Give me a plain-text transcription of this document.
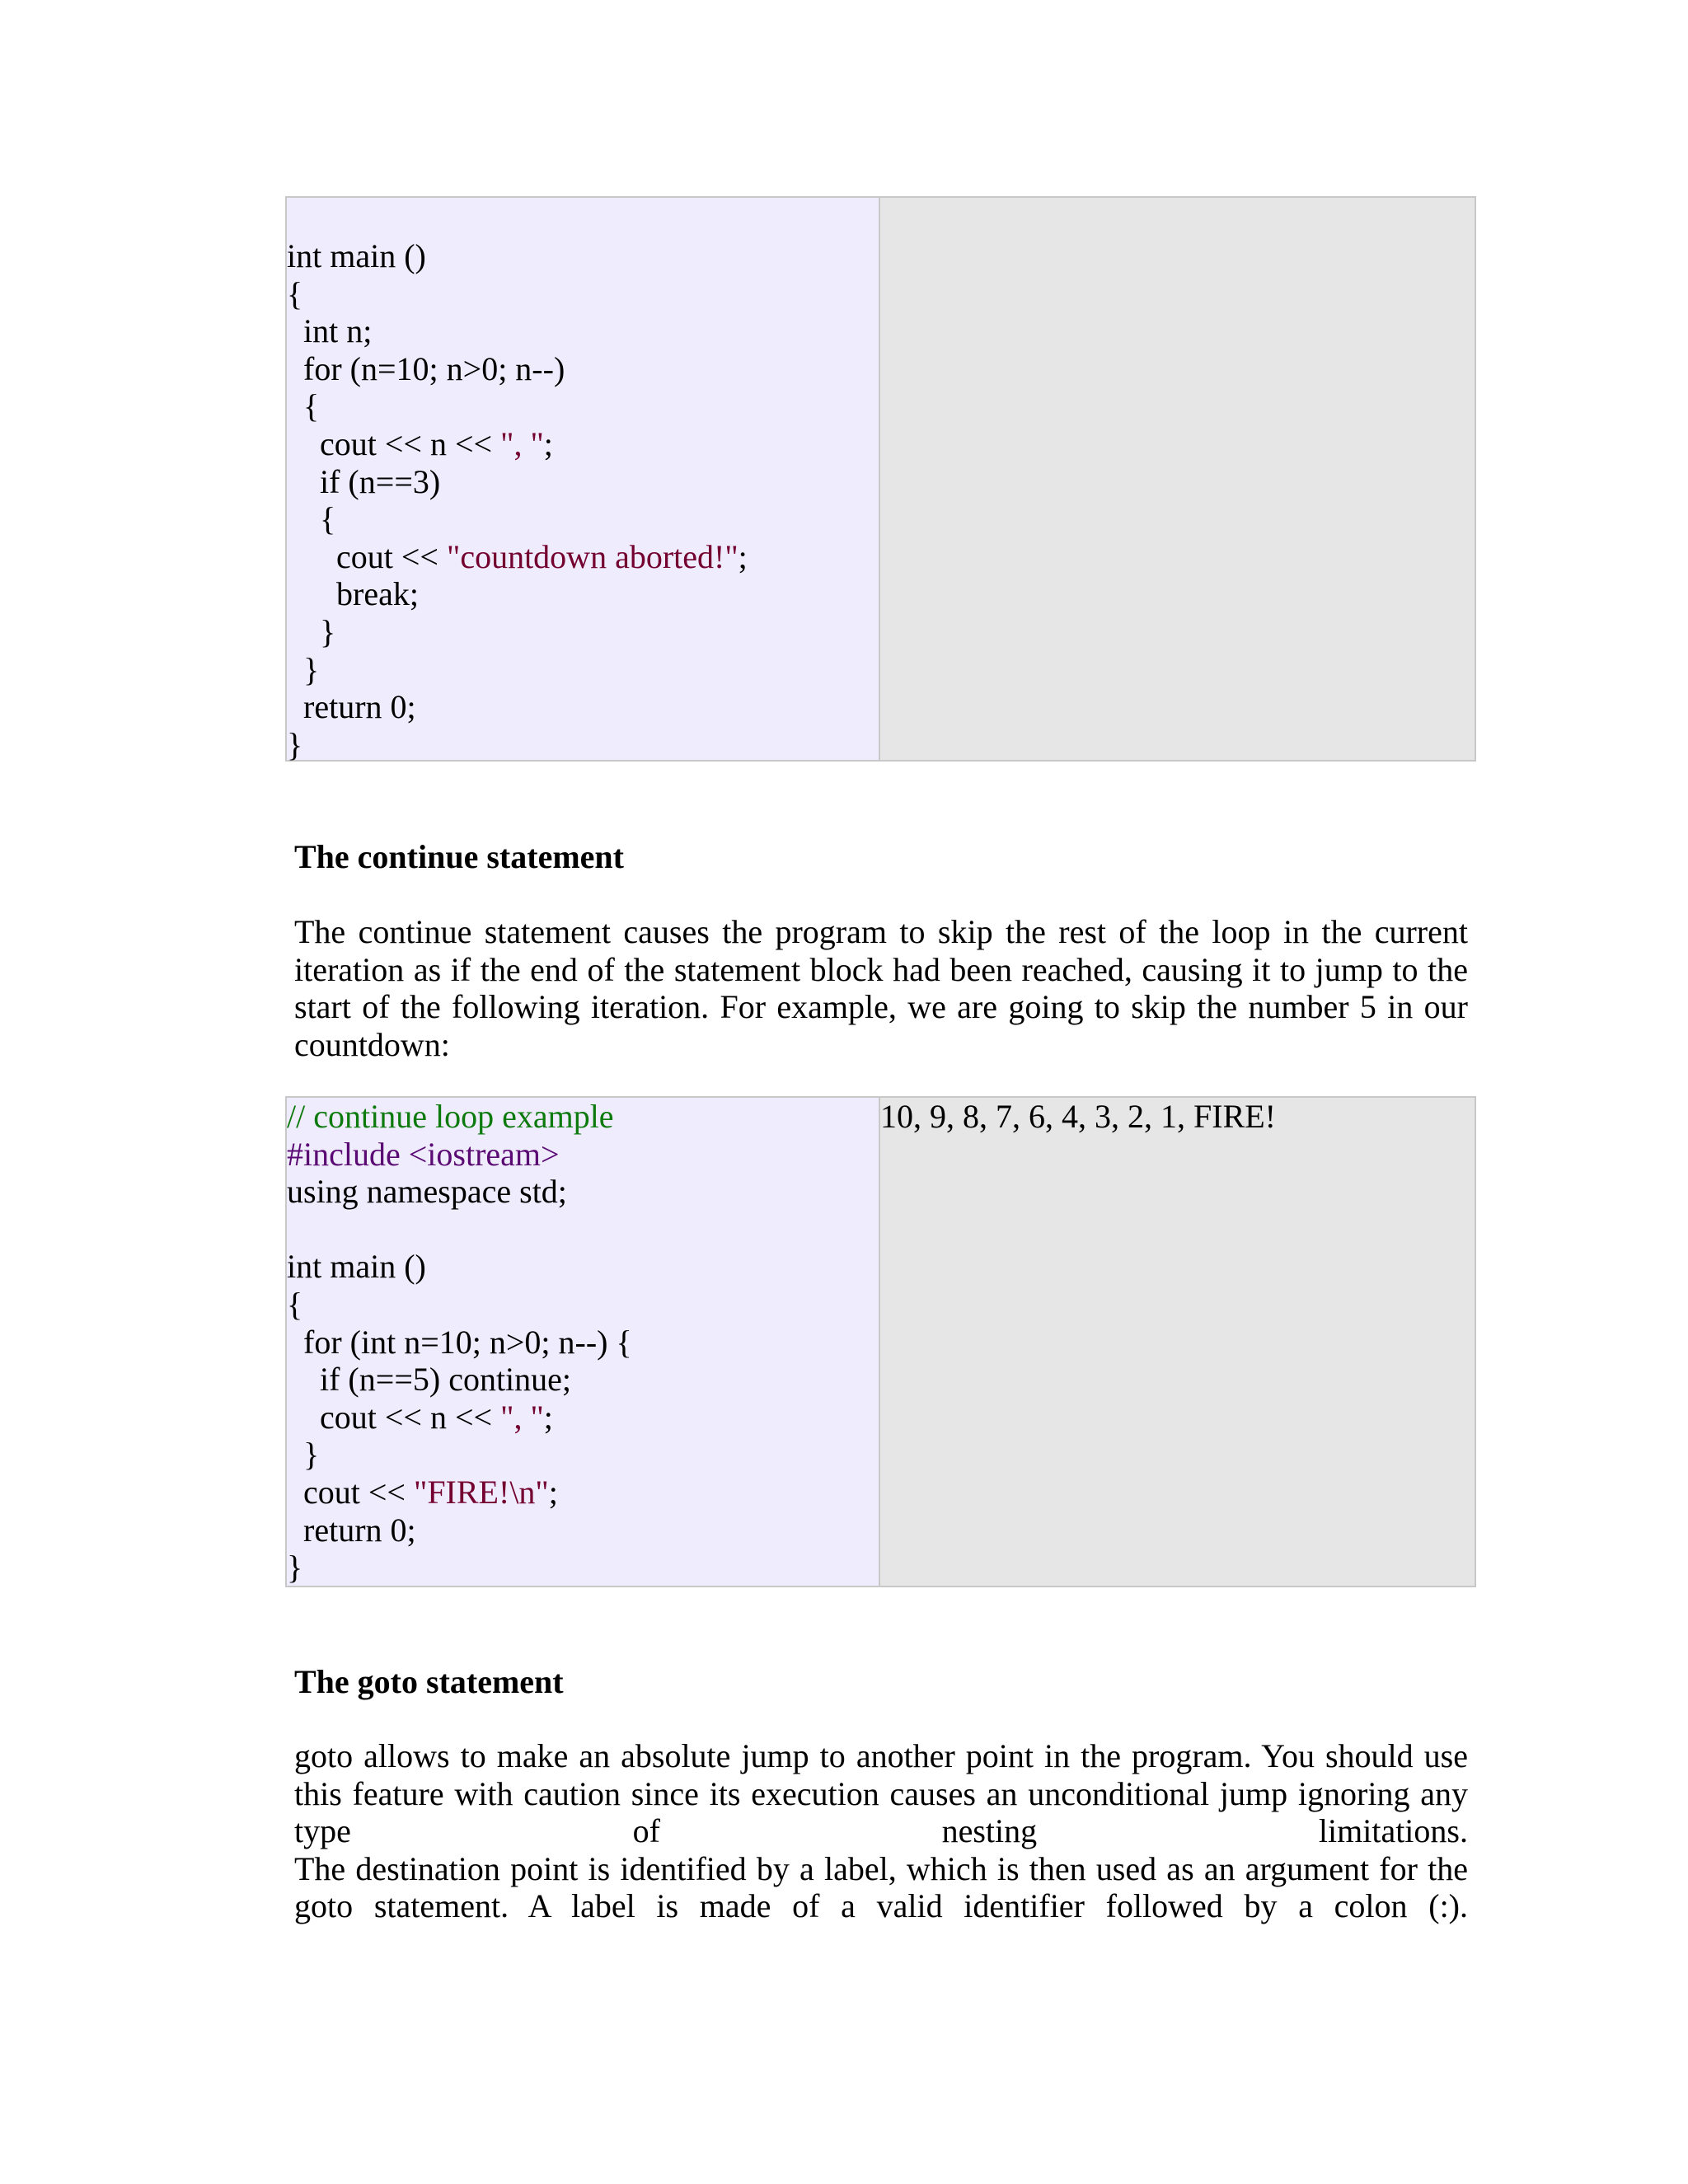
int main ()
{
int n;
for (n=10; n>0; n--)
{
cout << n << ", ";
if (n==3)
{
cout << "countdown aborted!";
break;
}
}
return 0;
}
The continue statement

The continue statement causes the program to skip the rest of the loop in the current
iteration as if the end of the statement block had been reached, causing it to jump to the
start of the following iteration. For example, we are going to skip the number 5 in our
countdown:

// continue loop example
#include <iostream>
using namespace std;
int main ()
{
for (int n=10; n>0; n--) {
if (n==5) continue;
cout << n << ", ";
}
cout << "FIRE!\n";
return 0;
}
10, 9, 8, 7, 6, 4, 3, 2, 1, FIRE!
The goto statement

goto allows to make an absolute jump to another point in the program. You should use
this feature with caution since its execution causes an unconditional jump ignoring any
type of nesting limitations.
The destination point is identified by a label, which is then used as an argument for the
goto statement. A label is made of a valid identifier followed by a colon (:).
